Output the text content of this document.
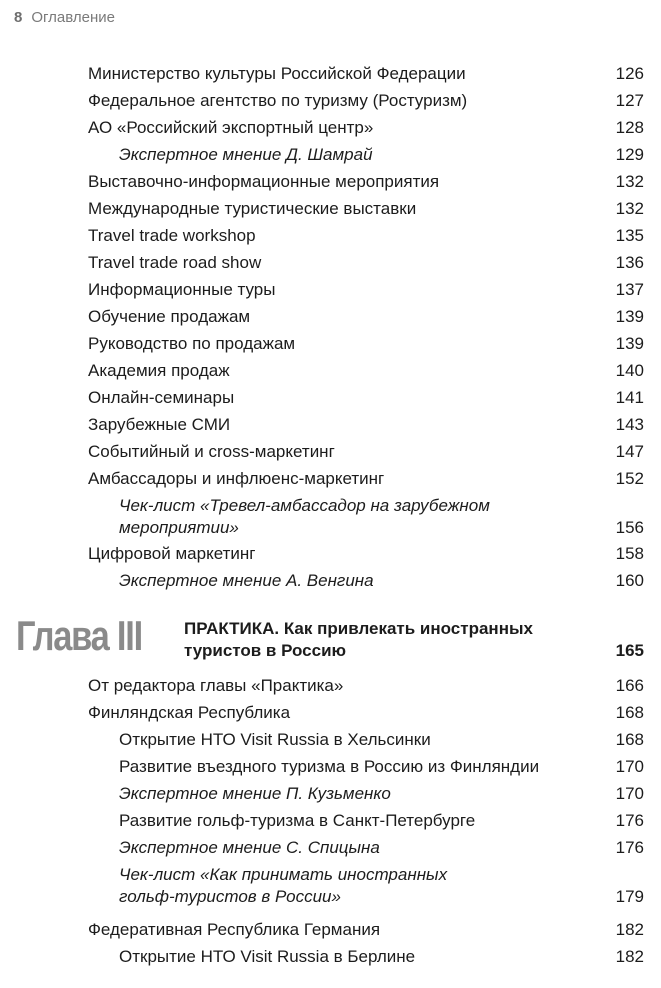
8 Оглавление
Министерство культуры Российской Федерации	126
Федеральное агентство по туризму (Ростуризм)	127
АО «Российский экспортный центр»	128
Экспертное мнение Д. Шамрай	129
Выставочно-информационные мероприятия	132
Международные туристические выставки	132
Travel trade workshop	135
Travel trade road show	136
Информационные туры	137
Обучение продажам	139
Руководство по продажам	139
Академия продаж	140
Онлайн-семинары	141
Зарубежные СМИ	143
Событийный и cross-маркетинг	147
Амбассадоры и инфлюенс-маркетинг	152
Чек-лист «Тревел-амбассадор на зарубежном мероприятии»	156
Цифровой маркетинг	158
Экспертное мнение А. Венгина	160
Глава III ПРАКТИКА. Как привлекать иностранных туристов в Россию	165
От редактора главы «Практика»	166
Финляндская Республика	168
Открытие НТО Visit Russia в Хельсинки	168
Развитие въездного туризма в Россию из Финляндии	170
Экспертное мнение П. Кузьменко	170
Развитие гольф-туризма в Санкт-Петербурге	176
Экспертное мнение С. Спицына	176
Чек-лист «Как принимать иностранных гольф-туристов в России»	179
Федеративная Республика Германия	182
Открытие НТО Visit Russia в Берлине	182
